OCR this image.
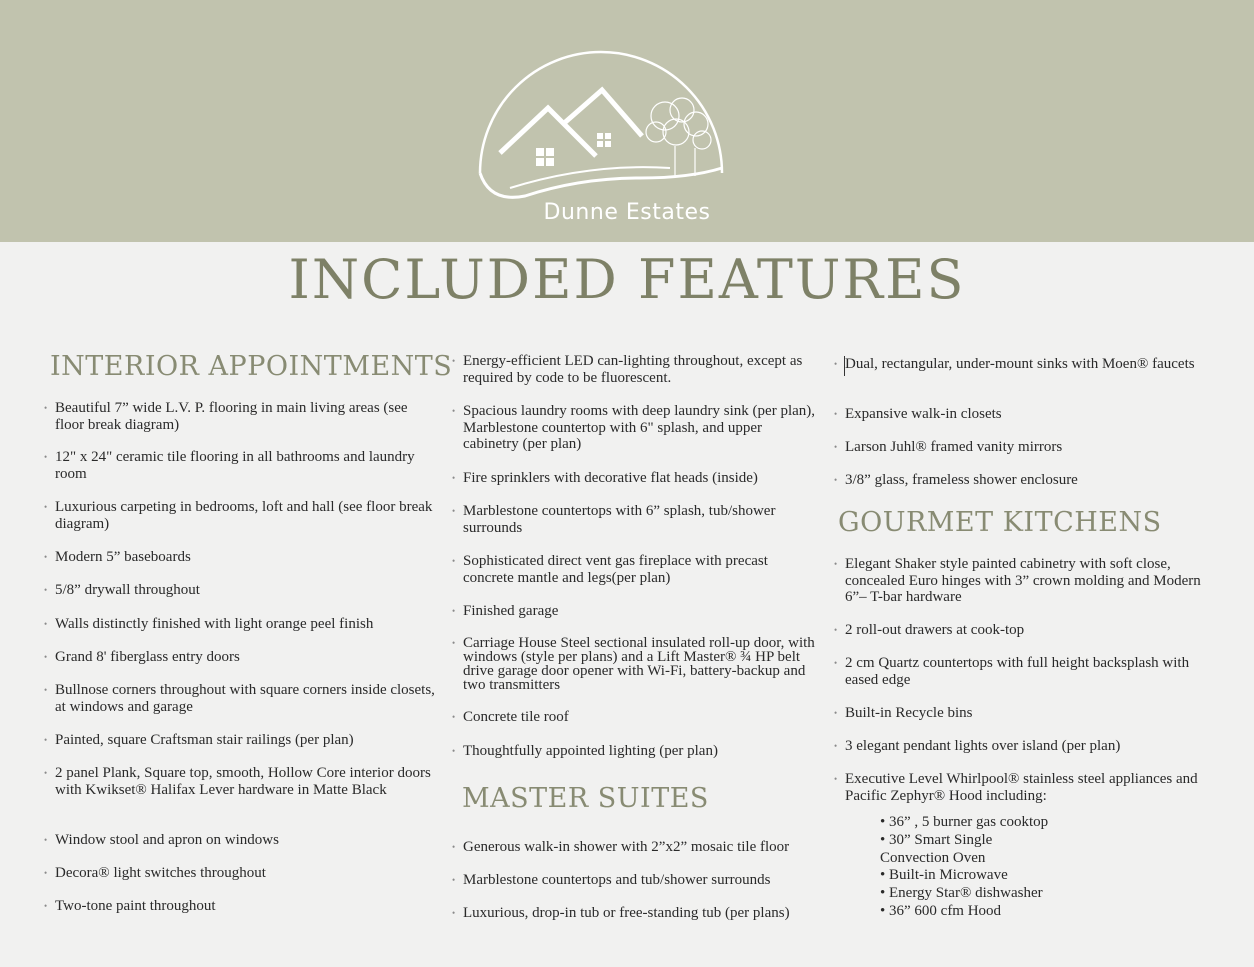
Dunne Estates
INCLUDED FEATURES
INTERIOR APPOINTMENTS
• Beautiful 7” wide L.V. P. flooring in main living areas (see floor break diagram)
• 12" x 24" ceramic tile flooring in all bathrooms and laundry room
• Luxurious carpeting in bedrooms, loft and hall (see floor break diagram)
• Modern 5” baseboards
• 5/8” drywall throughout
• Walls distinctly finished with light orange peel finish
• Grand 8' fiberglass entry doors
• Bullnose corners throughout with square corners inside closets, at windows and garage
• Painted, square Craftsman stair railings (per plan)
• 2 panel Plank, Square top, smooth, Hollow Core interior doors with Kwikset® Halifax Lever hardware in Matte Black
• Window stool and apron on windows
• Decora® light switches throughout
• Two-tone paint throughout
• Energy-efficient LED can-lighting throughout, except as required by code to be fluorescent.
• Spacious laundry rooms with deep laundry sink (per plan), Marblestone countertop with 6" splash, and upper cabinetry (per plan)
• Fire sprinklers with decorative flat heads (inside)
• Marblestone countertops with 6” splash, tub/shower surrounds
• Sophisticated direct vent gas fireplace with precast concrete mantle and legs(per plan)
• Finished garage
• Carriage House Steel sectional insulated roll-up door, with windows (style per plans) and a Lift Master® ¾ HP belt drive garage door opener with Wi-Fi, battery-backup and two transmitters
• Concrete tile roof
• Thoughtfully appointed lighting (per plan)
MASTER SUITES
• Generous walk-in shower with 2”x2” mosaic tile floor
• Marblestone countertops and tub/shower surrounds
• Luxurious, drop-in tub or free-standing tub (per plans)
• Dual, rectangular, under-mount sinks with Moen® faucets
• Expansive walk-in closets
• Larson Juhl® framed vanity mirrors
• 3/8” glass, frameless shower enclosure
GOURMET KITCHENS
• Elegant Shaker style painted cabinetry with soft close, concealed Euro hinges with 3” crown molding and Modern 6”– T-bar hardware
• 2 roll-out drawers at cook-top
• 2 cm Quartz countertops with full height backsplash with eased edge
• Built-in Recycle bins
• 3 elegant pendant lights over island (per plan)
• Executive Level Whirlpool® stainless steel appliances and Pacific Zephyr® Hood including:
• 36” , 5 burner gas cooktop
• 30” Smart Single
Convection Oven
• Built-in Microwave
• Energy Star® dishwasher
• 36” 600 cfm Hood
